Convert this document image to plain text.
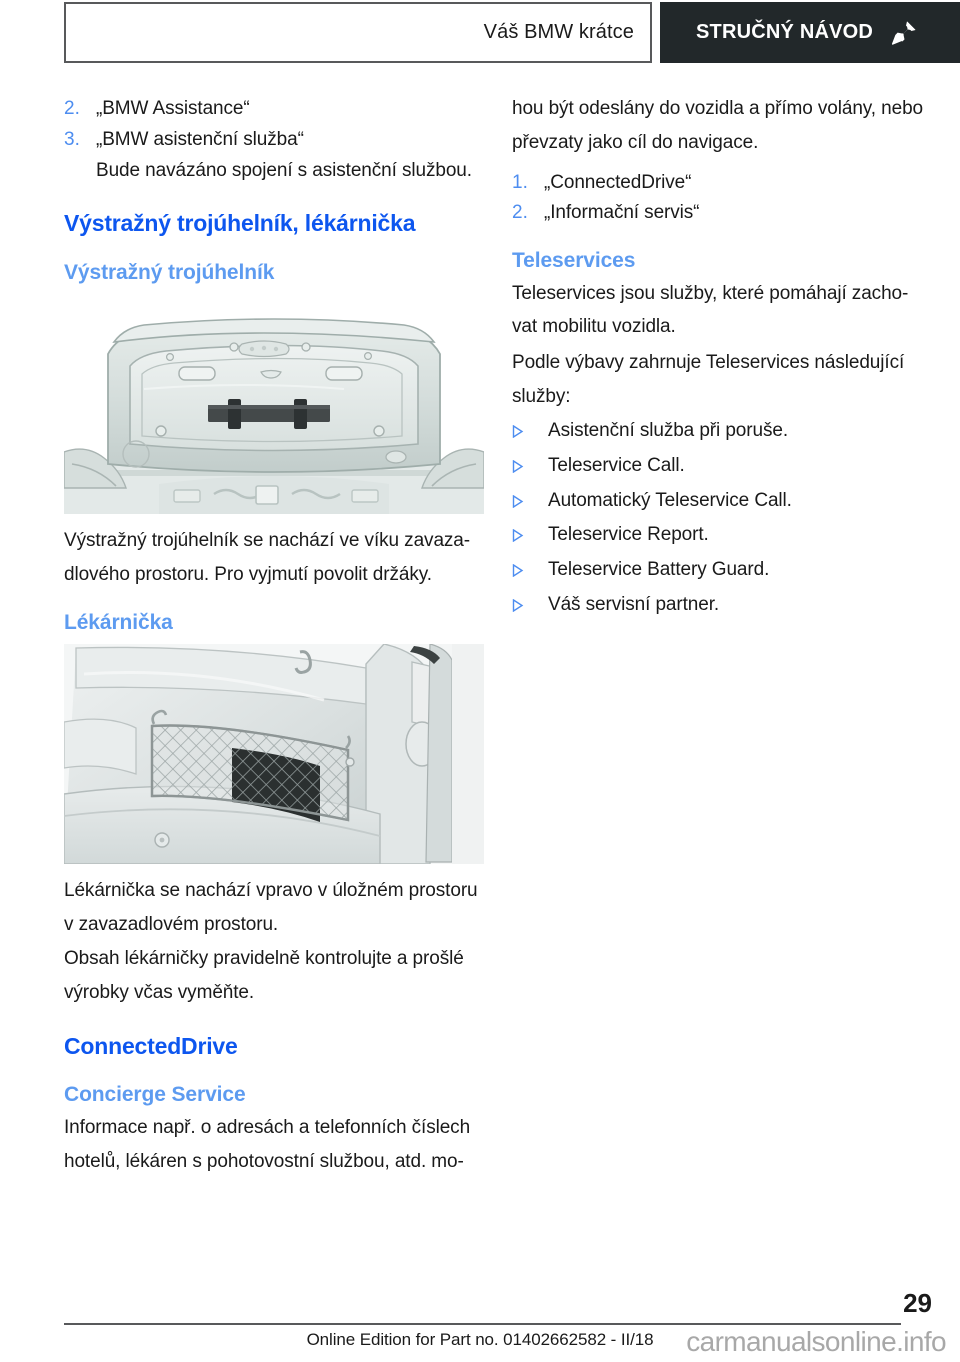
Váš BMW krátce	STRUČNÝ NÁVOD
2. „BMW Assistance“
3. „BMW asistenční služba“
Bude navázáno spojení s asistenční službou.
Výstražný trojúhelník, lékárnička
Výstražný trojúhelník
Výstražný trojúhelník se nachází ve víku zavaza-
dlového prostoru. Pro vyjmutí povolit držáky.
Lékárnička
Lékárnička se nachází vpravo v úložném prostoru
v zavazadlovém prostoru.
Obsah lékárničky pravidelně kontrolujte a prošlé
výrobky včas vyměňte.
ConnectedDrive
Concierge Service
Informace např. o adresách a telefonních číslech
hotelů, lékáren s pohotovostní službou, atd. mo-
hou být odeslány do vozidla a přímo volány, nebo
převzaty jako cíl do navigace.
1. „ConnectedDrive“
2. „Informační servis“
Teleservices
Teleservices jsou služby, které pomáhají zacho-
vat mobilitu vozidla.
Podle výbavy zahrnuje Teleservices následující
služby:
Asistenční služba při poruše.
Teleservice Call.
Automatický Teleservice Call.
Teleservice Report.
Teleservice Battery Guard.
Váš servisní partner.
29
Online Edition for Part no. 01402662582 - II/18	carmanualsonline.info
